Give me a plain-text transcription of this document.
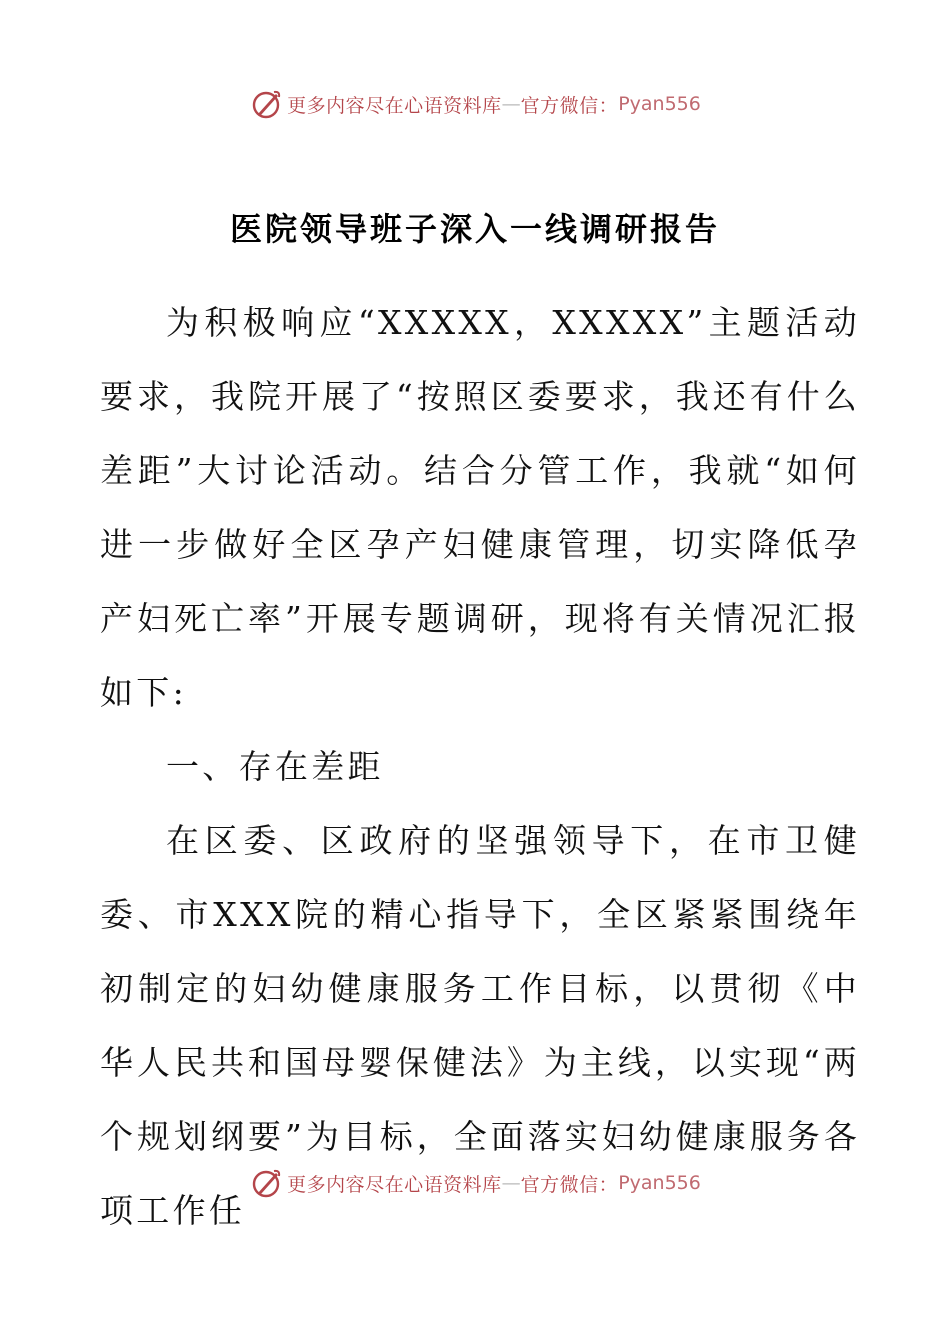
更多内容尽在心语资料库 — 官方微信： Pyan556
医院领导班子深入一线调研报告

为积极响应“XXXXX，XXXXX”主题活动要求，我院开展了“按照区委要求，我还有什么差距”大讨论活动。结合分管工作，我就“如何进一步做好全区孕产妇健康管理，切实降低孕产妇死亡率”开展专题调研，现将有关情况汇报如下:

一、存在差距

在区委、区政府的坚强领导下，在市卫健委、市XXX院的精心指导下，全区紧紧围绕年初制定的妇幼健康服务工作目标，以贯彻《中华人民共和国母婴保健法》为主线，以实现“两个规划纲要”为目标，全面落实妇幼健康服务各项工作任

更多内容尽在心语资料库 — 官方微信： Pyan556
